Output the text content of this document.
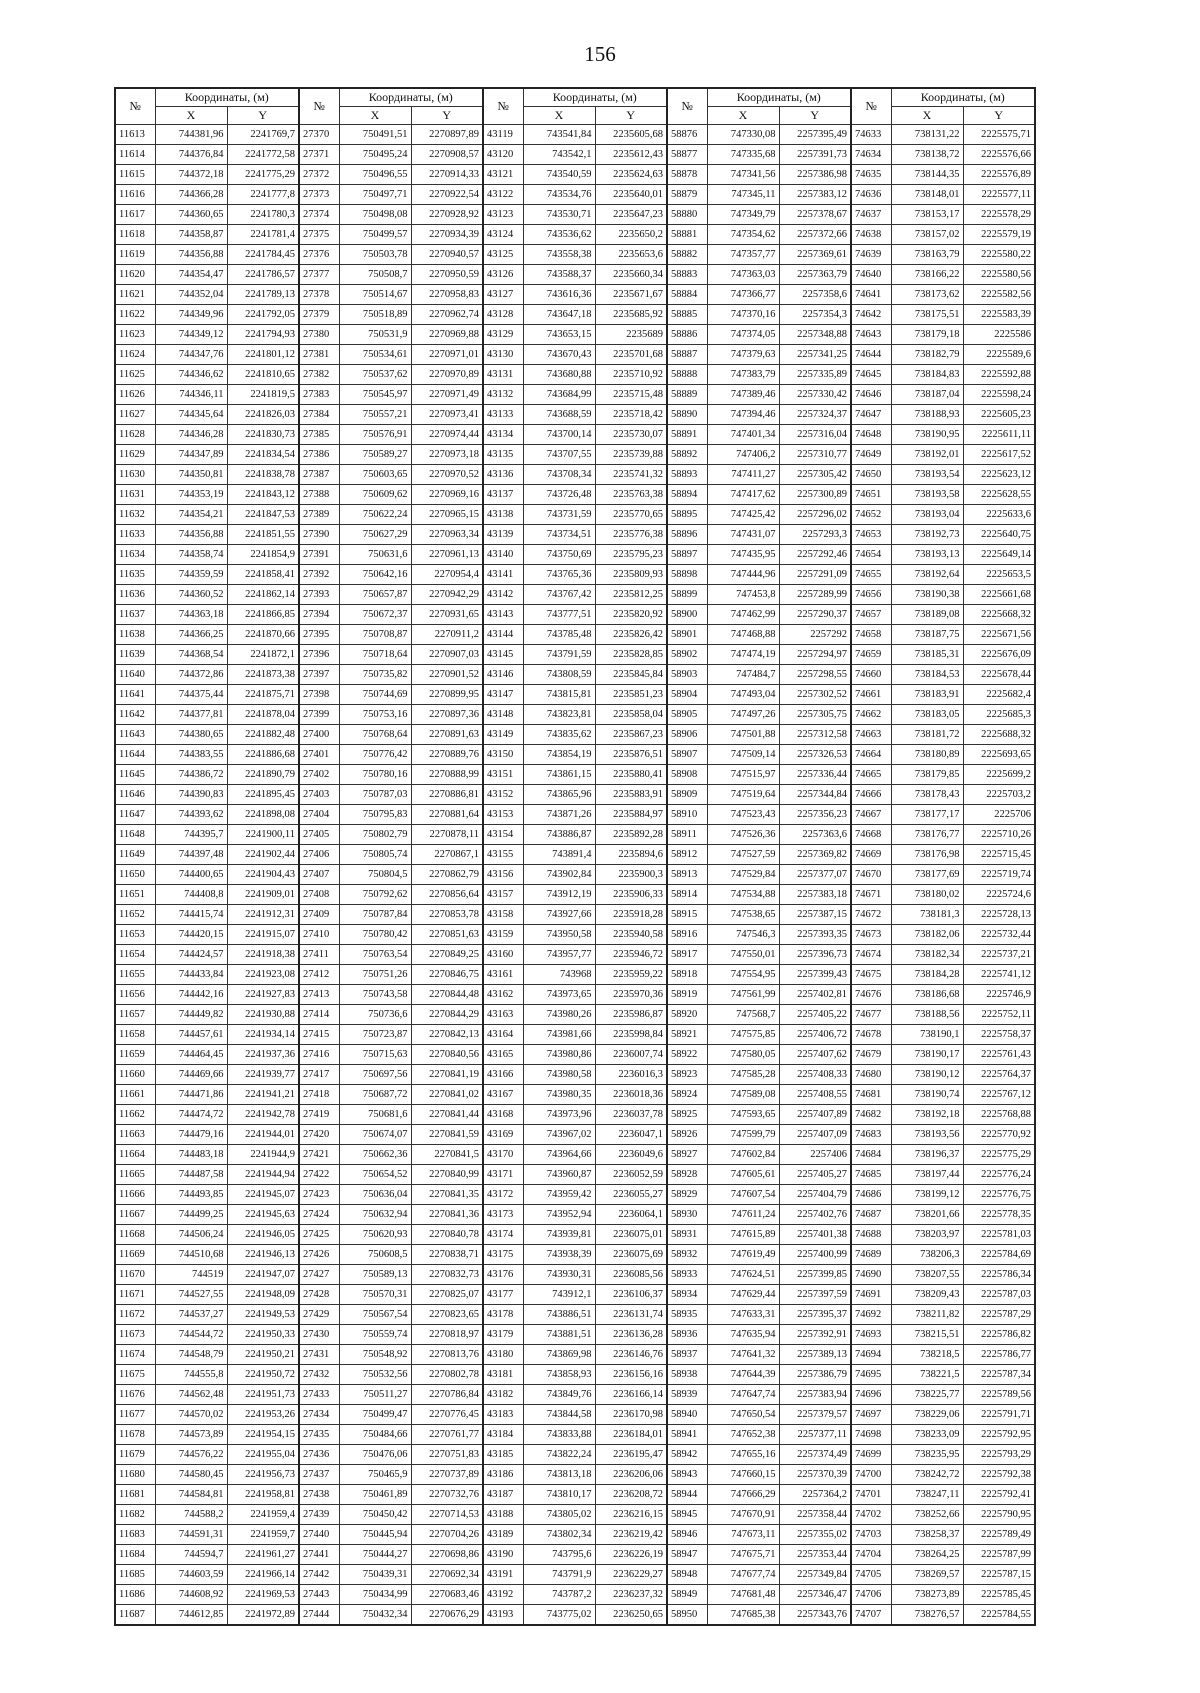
156
№	Координаты, (м)		№	Координаты, (м)		№	Координаты, (м)		№	Координаты, (м)		№	Координаты, (м)	
	X	Y		X	Y		X	Y		X	Y		X	Y
11613	744381,96	2241769,7	27370	750491,51	2270897,89	43119	743541,84	2235605,68	58876	747330,08	2257395,49	74633	738131,22	2225575,71
11614	744376,84	2241772,58	27371	750495,24	2270908,57	43120	743542,1	2235612,43	58877	747335,68	2257391,73	74634	738138,72	2225576,66
11615	744372,18	2241775,29	27372	750496,55	2270914,33	43121	743540,59	2235624,63	58878	747341,56	2257386,98	74635	738144,35	2225576,89
11616	744366,28	2241777,8	27373	750497,71	2270922,54	43122	743534,76	2235640,01	58879	747345,11	2257383,12	74636	738148,01	2225577,11
11617	744360,65	2241780,3	27374	750498,08	2270928,92	43123	743530,71	2235647,23	58880	747349,79	2257378,67	74637	738153,17	2225578,29
11618	744358,87	2241781,4	27375	750499,57	2270934,39	43124	743536,62	2235650,2	58881	747354,62	2257372,66	74638	738157,02	2225579,19
11619	744356,88	2241784,45	27376	750503,78	2270940,57	43125	743558,38	2235653,6	58882	747357,77	2257369,61	74639	738163,79	2225580,22
11620	744354,47	2241786,57	27377	750508,7	2270950,59	43126	743588,37	2235660,34	58883	747363,03	2257363,79	74640	738166,22	2225580,56
11621	744352,04	2241789,13	27378	750514,67	2270958,83	43127	743616,36	2235671,67	58884	747366,77	2257358,6	74641	738173,62	2225582,56
11622	744349,96	2241792,05	27379	750518,89	2270962,74	43128	743647,18	2235685,92	58885	747370,16	2257354,3	74642	738175,51	2225583,39
11623	744349,12	2241794,93	27380	750531,9	2270969,88	43129	743653,15	2235689	58886	747374,05	2257348,88	74643	738179,18	2225586
11624	744347,76	2241801,12	27381	750534,61	2270971,01	43130	743670,43	2235701,68	58887	747379,63	2257341,25	74644	738182,79	2225589,6
11625	744346,62	2241810,65	27382	750537,62	2270970,89	43131	743680,88	2235710,92	58888	747383,79	2257335,89	74645	738184,83	2225592,88
11626	744346,11	2241819,5	27383	750545,97	2270971,49	43132	743684,99	2235715,48	58889	747389,46	2257330,42	74646	738187,04	2225598,24
11627	744345,64	2241826,03	27384	750557,21	2270973,41	43133	743688,59	2235718,42	58890	747394,46	2257324,37	74647	738188,93	2225605,23
11628	744346,28	2241830,73	27385	750576,91	2270974,44	43134	743700,14	2235730,07	58891	747401,34	2257316,04	74648	738190,95	2225611,11
11629	744347,89	2241834,54	27386	750589,27	2270973,18	43135	743707,55	2235739,88	58892	747406,2	2257310,77	74649	738192,01	2225617,52
11630	744350,81	2241838,78	27387	750603,65	2270970,52	43136	743708,34	2235741,32	58893	747411,27	2257305,42	74650	738193,54	2225623,12
11631	744353,19	2241843,12	27388	750609,62	2270969,16	43137	743726,48	2235763,38	58894	747417,62	2257300,89	74651	738193,58	2225628,55
11632	744354,21	2241847,53	27389	750622,24	2270965,15	43138	743731,59	2235770,65	58895	747425,42	2257296,02	74652	738193,04	2225633,6
11633	744356,88	2241851,55	27390	750627,29	2270963,34	43139	743734,51	2235776,38	58896	747431,07	2257293,3	74653	738192,73	2225640,75
11634	744358,74	2241854,9	27391	750631,6	2270961,13	43140	743750,69	2235795,23	58897	747435,95	2257292,46	74654	738193,13	2225649,14
11635	744359,59	2241858,41	27392	750642,16	2270954,4	43141	743765,36	2235809,93	58898	747444,96	2257291,09	74655	738192,64	2225653,5
11636	744360,52	2241862,14	27393	750657,87	2270942,29	43142	743767,42	2235812,25	58899	747453,8	2257289,99	74656	738190,38	2225661,68
11637	744363,18	2241866,85	27394	750672,37	2270931,65	43143	743777,51	2235820,92	58900	747462,99	2257290,37	74657	738189,08	2225668,32
11638	744366,25	2241870,66	27395	750708,87	2270911,2	43144	743785,48	2235826,42	58901	747468,88	2257292	74658	738187,75	2225671,56
11639	744368,54	2241872,1	27396	750718,64	2270907,03	43145	743791,59	2235828,85	58902	747474,19	2257294,97	74659	738185,31	2225676,09
11640	744372,86	2241873,38	27397	750735,82	2270901,52	43146	743808,59	2235845,84	58903	747484,7	2257298,55	74660	738184,53	2225678,44
11641	744375,44	2241875,71	27398	750744,69	2270899,95	43147	743815,81	2235851,23	58904	747493,04	2257302,52	74661	738183,91	2225682,4
11642	744377,81	2241878,04	27399	750753,16	2270897,36	43148	743823,81	2235858,04	58905	747497,26	2257305,75	74662	738183,05	2225685,3
11643	744380,65	2241882,48	27400	750768,64	2270891,63	43149	743835,62	2235867,23	58906	747501,88	2257312,58	74663	738181,72	2225688,32
11644	744383,55	2241886,68	27401	750776,42	2270889,76	43150	743854,19	2235876,51	58907	747509,14	2257326,53	74664	738180,89	2225693,65
11645	744386,72	2241890,79	27402	750780,16	2270888,99	43151	743861,15	2235880,41	58908	747515,97	2257336,44	74665	738179,85	2225699,2
11646	744390,83	2241895,45	27403	750787,03	2270886,81	43152	743865,96	2235883,91	58909	747519,64	2257344,84	74666	738178,43	2225703,2
11647	744393,62	2241898,08	27404	750795,83	2270881,64	43153	743871,26	2235884,97	58910	747523,43	2257356,23	74667	738177,17	2225706
11648	744395,7	2241900,11	27405	750802,79	2270878,11	43154	743886,87	2235892,28	58911	747526,36	2257363,6	74668	738176,77	2225710,26
11649	744397,48	2241902,44	27406	750805,74	2270867,1	43155	743891,4	2235894,6	58912	747527,59	2257369,82	74669	738176,98	2225715,45
11650	744400,65	2241904,43	27407	750804,5	2270862,79	43156	743902,84	2235900,3	58913	747529,84	2257377,07	74670	738177,69	2225719,74
11651	744408,8	2241909,01	27408	750792,62	2270856,64	43157	743912,19	2235906,33	58914	747534,88	2257383,18	74671	738180,02	2225724,6
11652	744415,74	2241912,31	27409	750787,84	2270853,78	43158	743927,66	2235918,28	58915	747538,65	2257387,15	74672	738181,3	2225728,13
11653	744420,15	2241915,07	27410	750780,42	2270851,63	43159	743950,58	2235940,58	58916	747546,3	2257393,35	74673	738182,06	2225732,44
11654	744424,57	2241918,38	27411	750763,54	2270849,25	43160	743957,77	2235946,72	58917	747550,01	2257396,73	74674	738182,34	2225737,21
11655	744433,84	2241923,08	27412	750751,26	2270846,75	43161	743968	2235959,22	58918	747554,95	2257399,43	74675	738184,28	2225741,12
11656	744442,16	2241927,83	27413	750743,58	2270844,48	43162	743973,65	2235970,36	58919	747561,99	2257402,81	74676	738186,68	2225746,9
11657	744449,82	2241930,88	27414	750736,6	2270844,29	43163	743980,26	2235986,87	58920	747568,7	2257405,22	74677	738188,56	2225752,11
11658	744457,61	2241934,14	27415	750723,87	2270842,13	43164	743981,66	2235998,84	58921	747575,85	2257406,72	74678	738190,1	2225758,37
11659	744464,45	2241937,36	27416	750715,63	2270840,56	43165	743980,86	2236007,74	58922	747580,05	2257407,62	74679	738190,17	2225761,43
11660	744469,66	2241939,77	27417	750697,56	2270841,19	43166	743980,58	2236016,3	58923	747585,28	2257408,33	74680	738190,12	2225764,37
11661	744471,86	2241941,21	27418	750687,72	2270841,02	43167	743980,35	2236018,36	58924	747589,08	2257408,55	74681	738190,74	2225767,12
11662	744474,72	2241942,78	27419	750681,6	2270841,44	43168	743973,96	2236037,78	58925	747593,65	2257407,89	74682	738192,18	2225768,88
11663	744479,16	2241944,01	27420	750674,07	2270841,59	43169	743967,02	2236047,1	58926	747599,79	2257407,09	74683	738193,56	2225770,92
11664	744483,18	2241944,9	27421	750662,36	2270841,5	43170	743964,66	2236049,6	58927	747602,84	2257406	74684	738196,37	2225775,29
11665	744487,58	2241944,94	27422	750654,52	2270840,99	43171	743960,87	2236052,59	58928	747605,61	2257405,27	74685	738197,44	2225776,24
11666	744493,85	2241945,07	27423	750636,04	2270841,35	43172	743959,42	2236055,27	58929	747607,54	2257404,79	74686	738199,12	2225776,75
11667	744499,25	2241945,63	27424	750632,94	2270841,36	43173	743952,94	2236064,1	58930	747611,24	2257402,76	74687	738201,66	2225778,35
11668	744506,24	2241946,05	27425	750620,93	2270840,78	43174	743939,81	2236075,01	58931	747615,89	2257401,38	74688	738203,97	2225781,03
11669	744510,68	2241946,13	27426	750608,5	2270838,71	43175	743938,39	2236075,69	58932	747619,49	2257400,99	74689	738206,3	2225784,69
11670	744519	2241947,07	27427	750589,13	2270832,73	43176	743930,31	2236085,56	58933	747624,51	2257399,85	74690	738207,55	2225786,34
11671	744527,55	2241948,09	27428	750570,31	2270825,07	43177	743912,1	2236106,37	58934	747629,44	2257397,59	74691	738209,43	2225787,03
11672	744537,27	2241949,53	27429	750567,54	2270823,65	43178	743886,51	2236131,74	58935	747633,31	2257395,37	74692	738211,82	2225787,29
11673	744544,72	2241950,33	27430	750559,74	2270818,97	43179	743881,51	2236136,28	58936	747635,94	2257392,91	74693	738215,51	2225786,82
11674	744548,79	2241950,21	27431	750548,92	2270813,76	43180	743869,98	2236146,76	58937	747641,32	2257389,13	74694	738218,5	2225786,77
11675	744555,8	2241950,72	27432	750532,56	2270802,78	43181	743858,93	2236156,16	58938	747644,39	2257386,79	74695	738221,5	2225787,34
11676	744562,48	2241951,73	27433	750511,27	2270786,84	43182	743849,76	2236166,14	58939	747647,74	2257383,94	74696	738225,77	2225789,56
11677	744570,02	2241953,26	27434	750499,47	2270776,45	43183	743844,58	2236170,98	58940	747650,54	2257379,57	74697	738229,06	2225791,71
11678	744573,89	2241954,15	27435	750484,66	2270761,77	43184	743833,88	2236184,01	58941	747652,38	2257377,11	74698	738233,09	2225792,95
11679	744576,22	2241955,04	27436	750476,06	2270751,83	43185	743822,24	2236195,47	58942	747655,16	2257374,49	74699	738235,95	2225793,29
11680	744580,45	2241956,73	27437	750465,9	2270737,89	43186	743813,18	2236206,06	58943	747660,15	2257370,39	74700	738242,72	2225792,38
11681	744584,81	2241958,81	27438	750461,89	2270732,76	43187	743810,17	2236208,72	58944	747666,29	2257364,2	74701	738247,11	2225792,41
11682	744588,2	2241959,4	27439	750450,42	2270714,53	43188	743805,02	2236216,15	58945	747670,91	2257358,44	74702	738252,66	2225790,95
11683	744591,31	2241959,7	27440	750445,94	2270704,26	43189	743802,34	2236219,42	58946	747673,11	2257355,02	74703	738258,37	2225789,49
11684	744594,7	2241961,27	27441	750444,27	2270698,86	43190	743795,6	2236226,19	58947	747675,71	2257353,44	74704	738264,25	2225787,99
11685	744603,59	2241966,14	27442	750439,31	2270692,34	43191	743791,9	2236229,27	58948	747677,74	2257349,84	74705	738269,57	2225787,15
11686	744608,92	2241969,53	27443	750434,99	2270683,46	43192	743787,2	2236237,32	58949	747681,48	2257346,47	74706	738273,89	2225785,45
11687	744612,85	2241972,89	27444	750432,34	2270676,29	43193	743775,02	2236250,65	58950	747685,38	2257343,76	74707	738276,57	2225784,55
